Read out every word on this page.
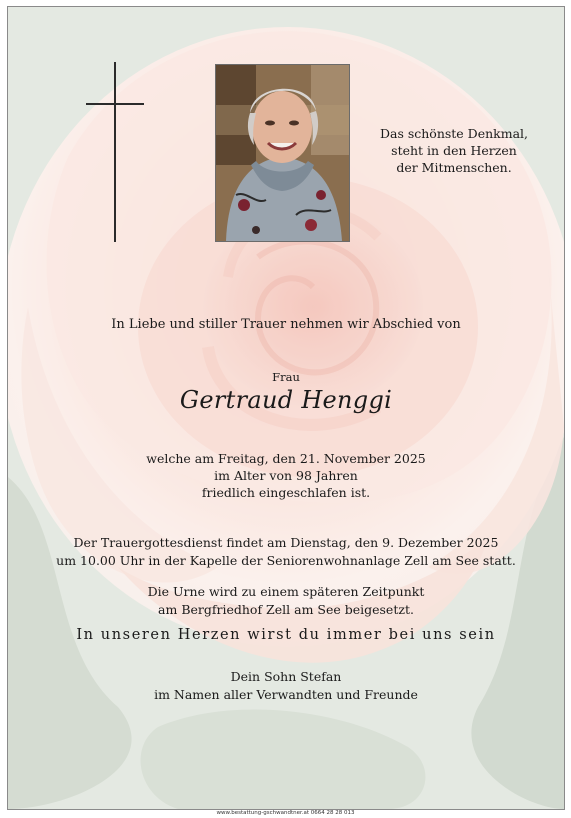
Das schönste Denkmal,
steht in den Herzen
der Mitmenschen.
In Liebe und stiller Trauer nehmen wir Abschied von
Frau
Gertraud Henggi
welche am Freitag, den 21. November 2025
im Alter von 98 Jahren
friedlich eingeschlafen ist.
Der Trauergottesdienst findet am Dienstag, den 9. Dezember 2025
um 10.00 Uhr in der Kapelle der Seniorenwohnanlage Zell am See statt.
Die Urne wird zu einem späteren Zeitpunkt
am Bergfriedhof Zell am See beigesetzt.
In unseren Herzen wirst du immer bei uns sein
Dein Sohn Stefan
im Namen aller Verwandten und Freunde
www.bestattung-gschwandtner.at 0664 28 28 013
